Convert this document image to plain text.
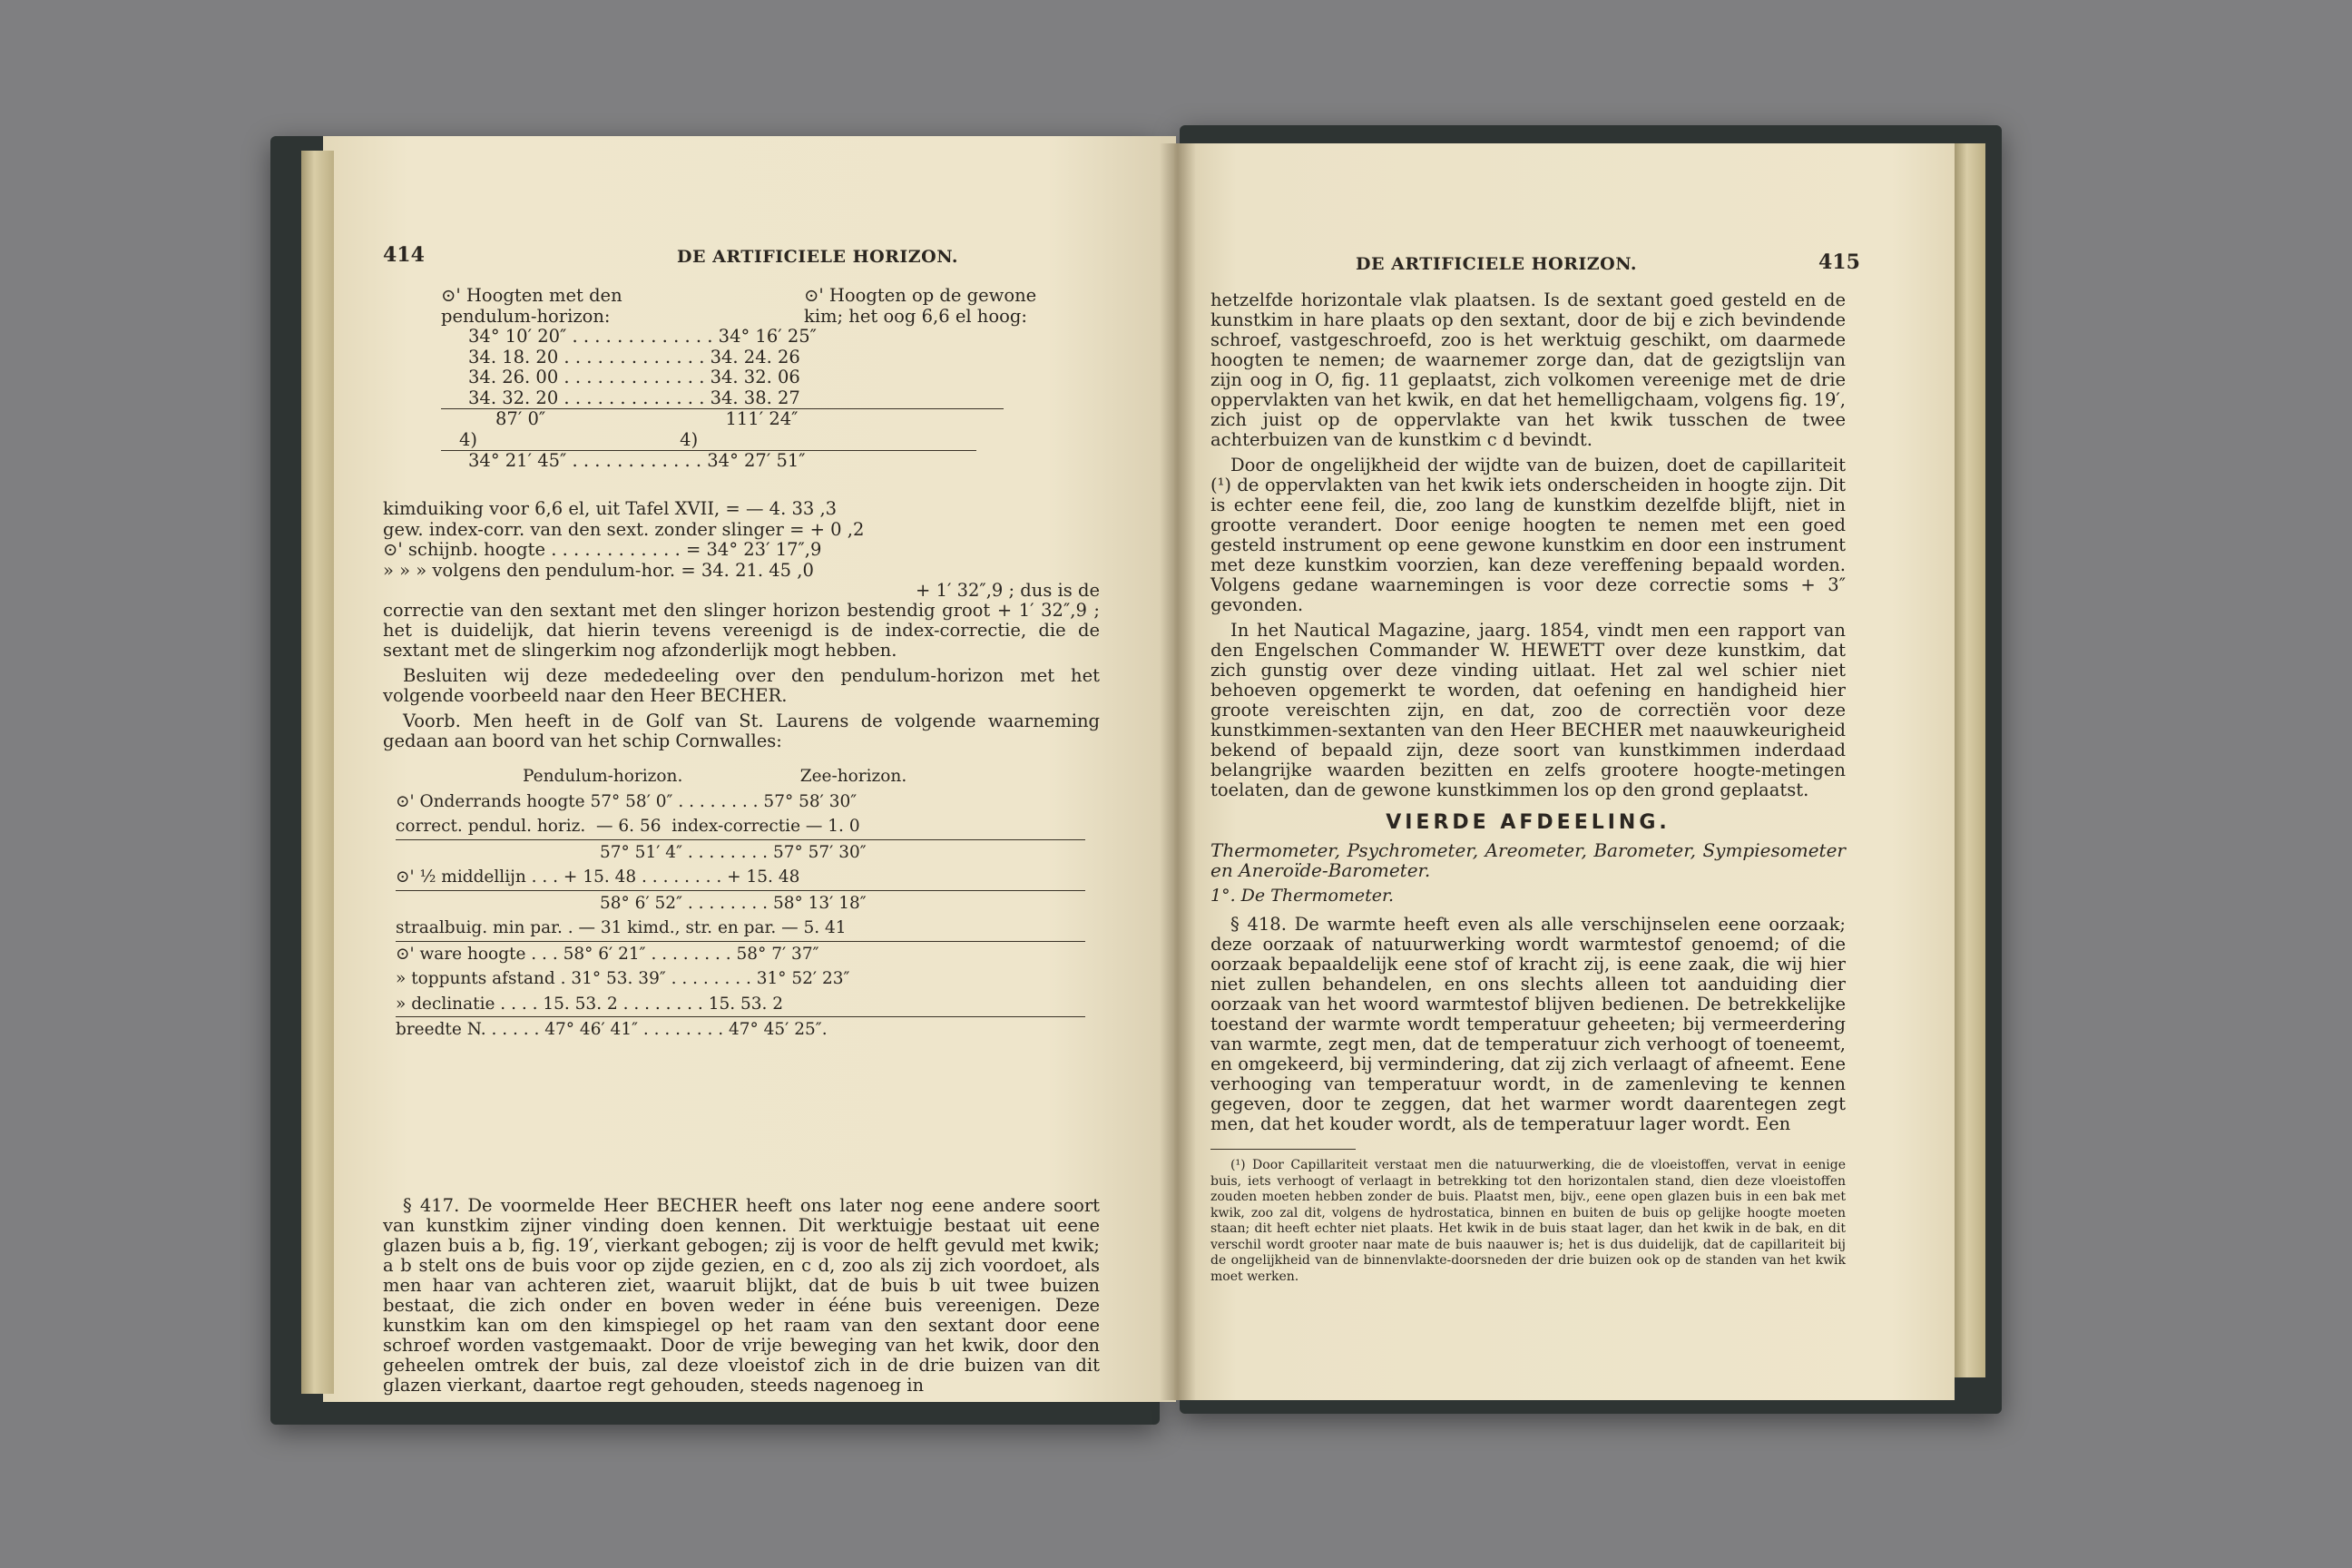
414	DE ARTIFICIELE HORIZON.
⊙' Hoogten met den pendulum-horizon:
⊙' Hoogten op de gewone kim; het oog 6,6 el hoog:
34° 10′ 20″ . . . . . . . . . . . . . 34° 16′ 25″
34. 18. 20 . . . . . . . . . . . . . 34. 24. 26
34. 26. 00 . . . . . . . . . . . . . 34. 32. 06
34. 32. 20 . . . . . . . . . . . . . 34. 38. 27
87′ 0″                                111′ 24″
4)                                    4)
34° 21′ 45″ . . . . . . . . . . . . 34° 27′ 51″
kimduiking voor 6,6 el, uit Tafel XVII, = — 4. 33 ,3
gew. index-corr. van den sext. zonder slinger = + 0 ,2
⊙' schijnb. hoogte . . . . . . . . . . . . = 34° 23′ 17″,9
» » » volgens den pendulum-hor. = 34. 21. 45 ,0
+ 1′ 32″,9 ; dus is de

correctie van den sextant met den slinger horizon bestendig groot + 1′ 32″,9 ; het is duidelijk, dat hierin tevens vereenigd is de index-correctie, die de sextant met de slingerkim nog afzonderlijk mogt hebben.

Besluiten wij deze mededeeling over den pendulum-horizon met het volgende voorbeeld naar den Heer BECHER.

Voorb. Men heeft in de Golf van St. Laurens de volgende waarneming gedaan aan boord van het schip Cornwalles:

Pendulum-horizon.                      Zee-horizon.
⊙' Onderrands hoogte 57° 58′ 0″ . . . . . . . . 57° 58′ 30″
correct. pendul. horiz.  — 6. 56  index-correctie — 1. 0
57° 51′ 4″ . . . . . . . . 57° 57′ 30″
⊙' ½ middellijn . . . + 15. 48 . . . . . . . . + 15. 48
58° 6′ 52″ . . . . . . . . 58° 13′ 18″
straalbuig. min par. . — 31 kimd., str. en par. — 5. 41
⊙' ware hoogte . . . 58° 6′ 21″ . . . . . . . . 58° 7′ 37″
» toppunts afstand . 31° 53. 39″ . . . . . . . . 31° 52′ 23″
» declinatie . . . . 15. 53. 2 . . . . . . . . 15. 53. 2
breedte N. . . . . . 47° 46′ 41″ . . . . . . . . 47° 45′ 25″.

§ 417. De voormelde Heer BECHER heeft ons later nog eene andere soort van kunstkim zijner vinding doen kennen. Dit werktuigje bestaat uit eene glazen buis a b, fig. 19′, vierkant gebogen; zij is voor de helft gevuld met kwik; a b stelt ons de buis voor op zijde gezien, en c d, zoo als zij zich voordoet, als men haar van achteren ziet, waaruit blijkt, dat de buis b uit twee buizen bestaat, die zich onder en boven weder in ééne buis vereenigen. Deze kunstkim kan om den kimspiegel op het raam van den sextant door eene schroef worden vastgemaakt. Door de vrije beweging van het kwik, door den geheelen omtrek der buis, zal deze vloeistof zich in de drie buizen van dit glazen vierkant, daartoe regt gehouden, steeds nagenoeg in

DE ARTIFICIELE HORIZON.	415

hetzelfde horizontale vlak plaatsen. Is de sextant goed gesteld en de kunstkim in hare plaats op den sextant, door de bij e zich bevindende schroef, vastgeschroefd, zoo is het werktuig geschikt, om daarmede hoogten te nemen; de waarnemer zorge dan, dat de gezigtslijn van zijn oog in O, fig. 11 geplaatst, zich volkomen vereenige met de drie oppervlakten van het kwik, en dat het hemelligchaam, volgens fig. 19′, zich juist op de oppervlakte van het kwik tusschen de twee achterbuizen van de kunstkim c d bevindt.

Door de ongelijkheid der wijdte van de buizen, doet de capillariteit (¹) de oppervlakten van het kwik iets onderscheiden in hoogte zijn. Dit is echter eene feil, die, zoo lang de kunstkim dezelfde blijft, niet in grootte verandert. Door eenige hoogten te nemen met een goed gesteld instrument op eene gewone kunstkim en door een instrument met deze kunstkim voorzien, kan deze vereffening bepaald worden. Volgens gedane waarnemingen is voor deze correctie soms + 3″ gevonden.

In het Nautical Magazine, jaarg. 1854, vindt men een rapport van den Engelschen Commander W. HEWETT over deze kunstkim, dat zich gunstig over deze vinding uitlaat. Het zal wel schier niet behoeven opgemerkt te worden, dat oefening en handigheid hier groote vereischten zijn, en dat, zoo de correctiën voor deze kunstkimmen-sextanten van den Heer BECHER met naauwkeurigheid bekend of bepaald zijn, deze soort van kunstkimmen inderdaad belangrijke waarden bezitten en zelfs grootere hoogte-metingen toelaten, dan de gewone kunstkimmen los op den grond geplaatst.

VIERDE AFDEELING.

Thermometer, Psychrometer, Areometer, Barometer, Sympiesometer en Aneroïde-Barometer.

1°. De Thermometer.

§ 418. De warmte heeft even als alle verschijnselen eene oorzaak; deze oorzaak of natuurwerking wordt warmtestof genoemd; of die oorzaak bepaaldelijk eene stof of kracht zij, is eene zaak, die wij hier niet zullen behandelen, en ons slechts alleen tot aanduiding dier oorzaak van het woord warmtestof blijven bedienen. De betrekkelijke toestand der warmte wordt temperatuur geheeten; bij vermeerdering van warmte, zegt men, dat de temperatuur zich verhoogt of toeneemt, en omgekeerd, bij vermindering, dat zij zich verlaagt of afneemt. Eene verhooging van temperatuur wordt, in de zamenleving te kennen gegeven, door te zeggen, dat het warmer wordt daarentegen zegt men, dat het kouder wordt, als de temperatuur lager wordt. Een

(¹) Door Capillariteit verstaat men die natuurwerking, die de vloeistoffen, vervat in eenige buis, iets verhoogt of verlaagt in betrekking tot den horizontalen stand, dien deze vloeistoffen zouden moeten hebben zonder de buis. Plaatst men, bijv., eene open glazen buis in een bak met kwik, zoo zal dit, volgens de hydrostatica, binnen en buiten de buis op gelijke hoogte moeten staan; dit heeft echter niet plaats. Het kwik in de buis staat lager, dan het kwik in de bak, en dit verschil wordt grooter naar mate de buis naauwer is; het is dus duidelijk, dat de capillariteit bij de ongelijkheid van de binnenvlakte-doorsneden der drie buizen ook op de standen van het kwik moet werken.
